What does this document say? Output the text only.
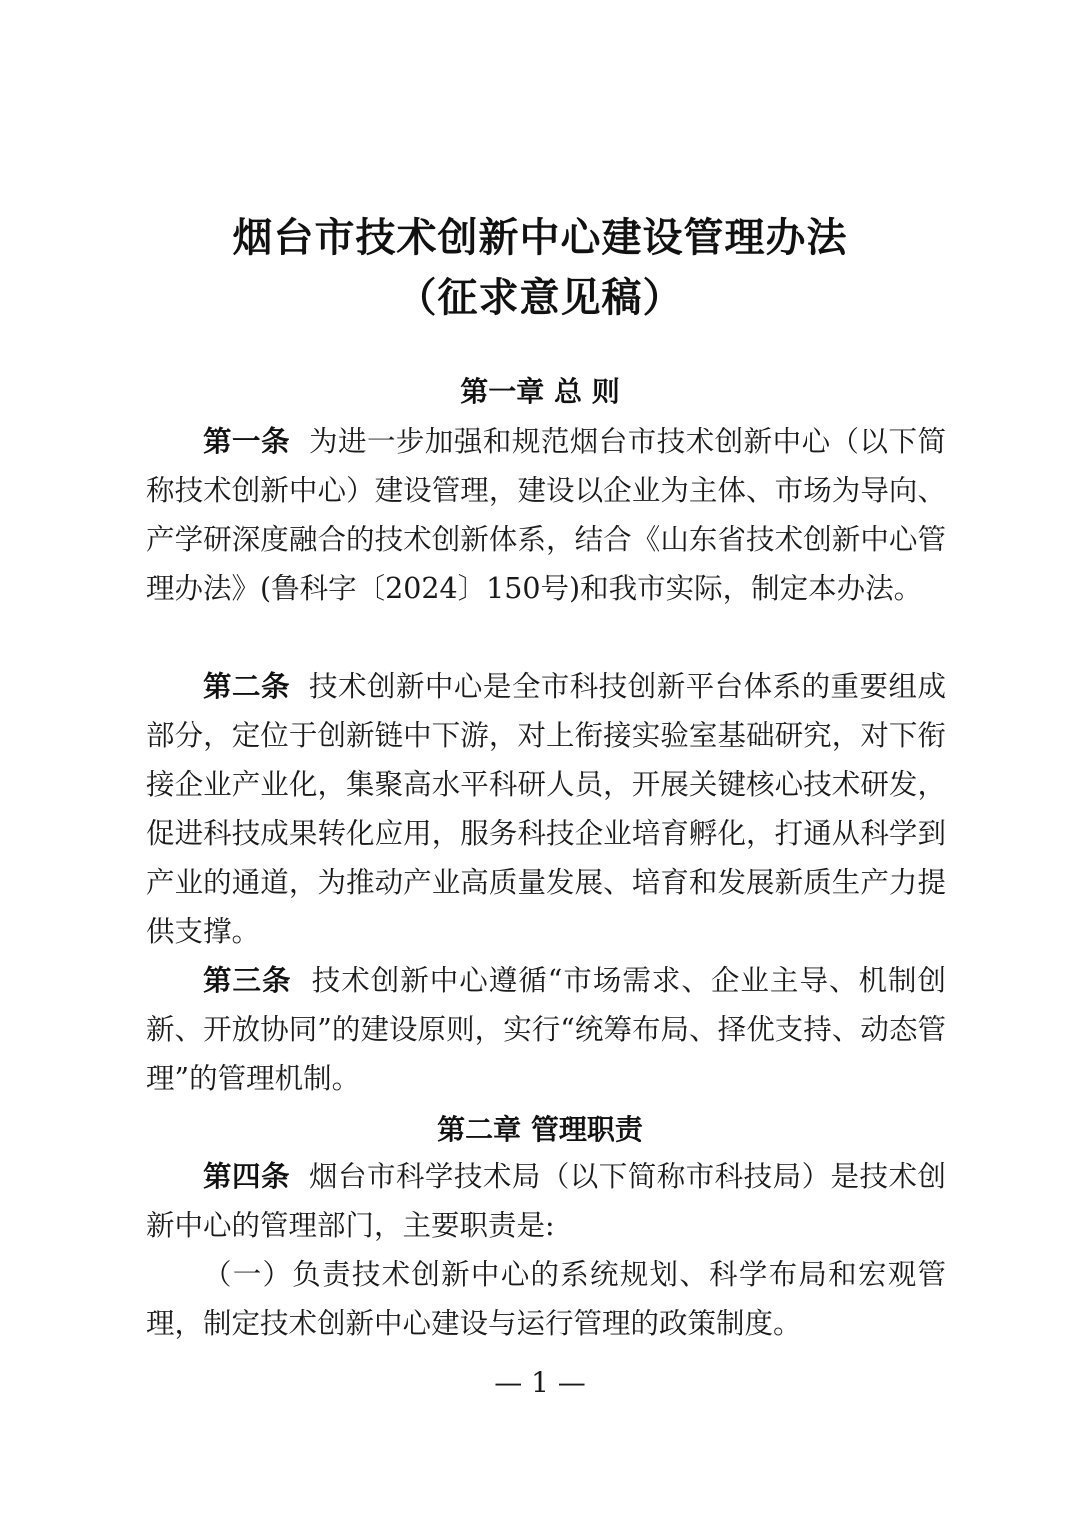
烟台市技术创新中心建设管理办法
（征求意见稿）
第一章 总 则

第一条 为进一步加强和规范烟台市技术创新中心（以下简称技术创新中心）建设管理，建设以企业为主体、市场为导向、产学研深度融合的技术创新体系，结合《山东省技术创新中心管理办法》(鲁科字〔2024〕150号)和我市实际，制定本办法。

第二条 技术创新中心是全市科技创新平台体系的重要组成部分，定位于创新链中下游，对上衔接实验室基础研究，对下衔接企业产业化，集聚高水平科研人员，开展关键核心技术研发，促进科技成果转化应用，服务科技企业培育孵化，打通从科学到产业的通道，为推动产业高质量发展、培育和发展新质生产力提供支撑。

第三条 技术创新中心遵循“市场需求、企业主导、机制创新、开放协同”的建设原则，实行“统筹布局、择优支持、动态管理”的管理机制。

第二章 管理职责

第四条 烟台市科学技术局（以下简称市科技局）是技术创新中心的管理部门，主要职责是:

（一）负责技术创新中心的系统规划、科学布局和宏观管理，制定技术创新中心建设与运行管理的政策制度。

— 1 —
